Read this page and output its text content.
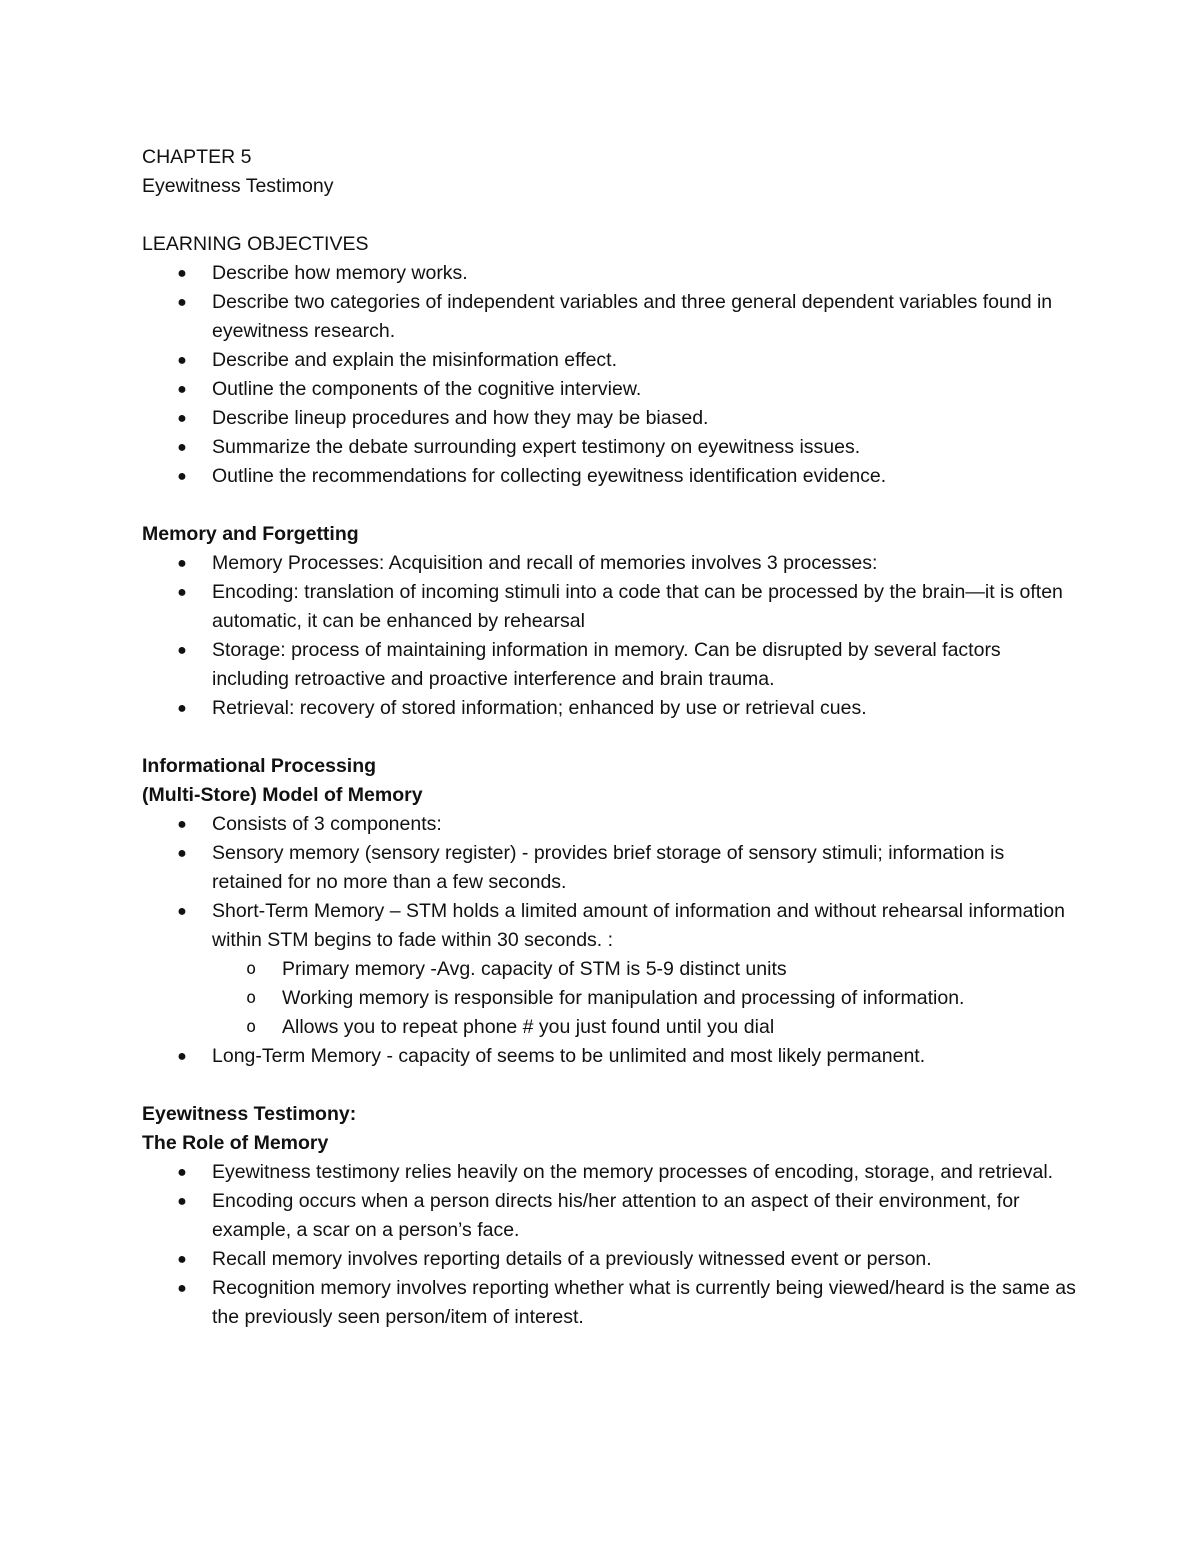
CHAPTER 5

Eyewitness Testimony

LEARNING OBJECTIVES

● Describe how memory works.
● Describe two categories of independent variables and three general dependent variables found in eyewitness research.
● Describe and explain the misinformation effect.
● Outline the components of the cognitive interview.
● Describe lineup procedures and how they may be biased.
● Summarize the debate surrounding expert testimony on eyewitness issues.
● Outline the recommendations for collecting eyewitness identification evidence.

Memory and Forgetting

● Memory Processes: Acquisition and recall of memories involves 3 processes:
● Encoding: translation of incoming stimuli into a code that can be processed by the brain—it is often automatic, it can be enhanced by rehearsal
● Storage: process of maintaining information in memory. Can be disrupted by several factors including retroactive and proactive interference and brain trauma.
● Retrieval: recovery of stored information; enhanced by use or retrieval cues.

Informational Processing

(Multi-Store) Model of Memory

● Consists of 3 components:
● Sensory memory (sensory register) - provides brief storage of sensory stimuli; information is retained for no more than a few seconds.
● Short-Term Memory – STM holds a limited amount of information and without rehearsal information within STM begins to fade within 30 seconds. :
o Primary memory -Avg. capacity of STM is 5-9 distinct units
o Working memory is responsible for manipulation and processing of information.
o Allows you to repeat phone # you just found until you dial
● Long-Term Memory - capacity of seems to be unlimited and most likely permanent.

Eyewitness Testimony:

The Role of Memory

● Eyewitness testimony relies heavily on the memory processes of encoding, storage, and retrieval.
● Encoding occurs when a person directs his/her attention to an aspect of their environment, for example, a scar on a person’s face.
● Recall memory involves reporting details of a previously witnessed event or person.
● Recognition memory involves reporting whether what is currently being viewed/heard is the same as the previously seen person/item of interest.
